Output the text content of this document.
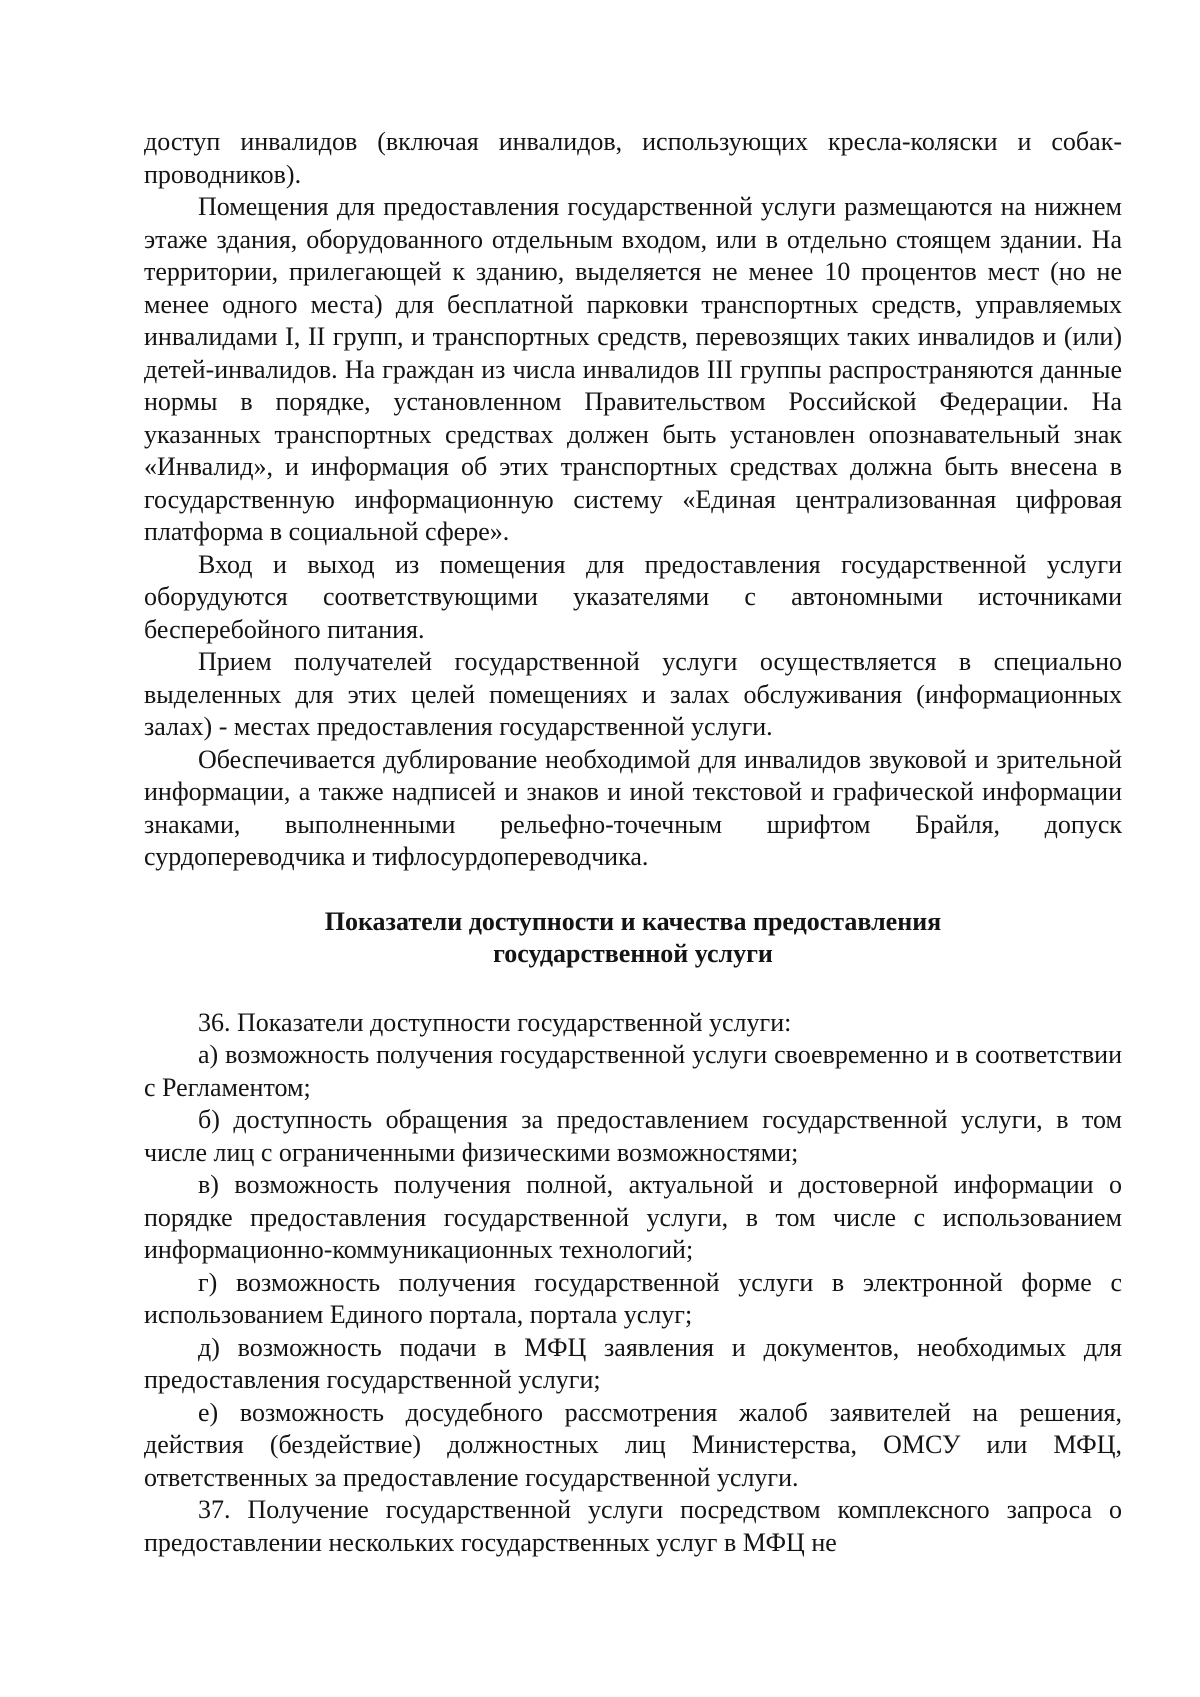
доступ инвалидов (включая инвалидов, использующих кресла-коляски и собак-проводников).

Помещения для предоставления государственной услуги размещаются на нижнем этаже здания, оборудованного отдельным входом, или в отдельно стоящем здании. На территории, прилегающей к зданию, выделяется не менее 10 процентов мест (но не менее одного места) для бесплатной парковки транспортных средств, управляемых инвалидами I, II групп, и транспортных средств, перевозящих таких инвалидов и (или) детей-инвалидов. На граждан из числа инвалидов III группы распространяются данные нормы в порядке, установленном Правительством Российской Федерации. На указанных транспортных средствах должен быть установлен опознавательный знак «Инвалид», и информация об этих транспортных средствах должна быть внесена в государственную информационную систему «Единая централизованная цифровая платформа в социальной сфере».

Вход и выход из помещения для предоставления государственной услуги оборудуются соответствующими указателями с автономными источниками бесперебойного питания.

Прием получателей государственной услуги осуществляется в специально выделенных для этих целей помещениях и залах обслуживания (информационных залах) - местах предоставления государственной услуги.

Обеспечивается дублирование необходимой для инвалидов звуковой и зрительной информации, а также надписей и знаков и иной текстовой и графической информации знаками, выполненными рельефно-точечным шрифтом Брайля, допуск сурдопереводчика и тифлосурдопереводчика.

Показатели доступности и качества предоставления
государственной услуги

36. Показатели доступности государственной услуги:

а) возможность получения государственной услуги своевременно и в соответствии с Регламентом;

б) доступность обращения за предоставлением государственной услуги, в том числе лиц с ограниченными физическими возможностями;

в) возможность получения полной, актуальной и достоверной информации о порядке предоставления государственной услуги, в том числе с использованием информационно-коммуникационных технологий;

г) возможность получения государственной услуги в электронной форме с использованием Единого портала, портала услуг;

д) возможность подачи в МФЦ заявления и документов, необходимых для предоставления государственной услуги;

е) возможность досудебного рассмотрения жалоб заявителей на решения, действия (бездействие) должностных лиц Министерства, ОМСУ или МФЦ, ответственных за предоставление государственной услуги.

37. Получение государственной услуги посредством комплексного запроса о предоставлении нескольких государственных услуг в МФЦ не
